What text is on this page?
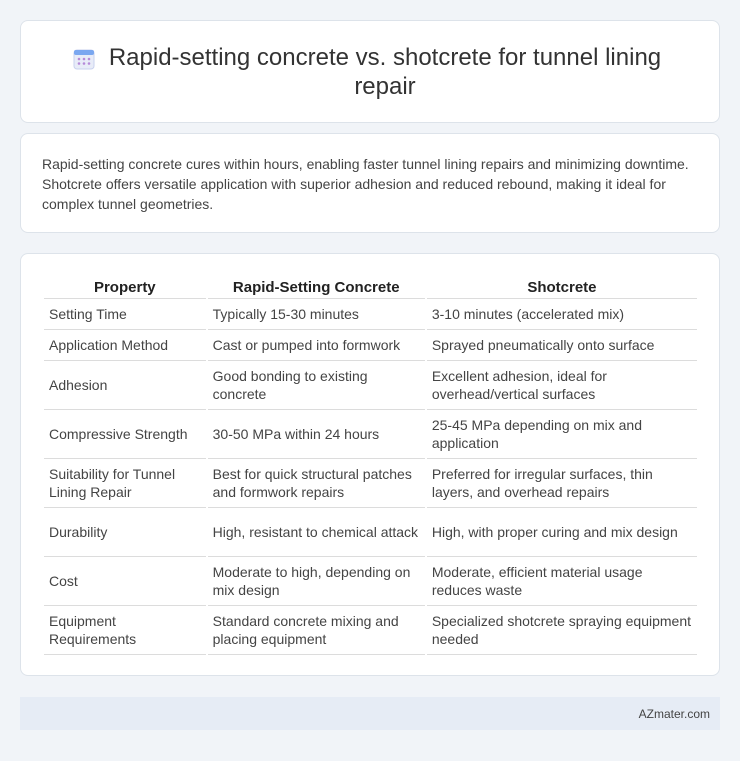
Rapid-setting concrete vs. shotcrete for tunnel lining repair

Rapid-setting concrete cures within hours, enabling faster tunnel lining repairs and minimizing downtime. Shotcrete offers versatile application with superior adhesion and reduced rebound, making it ideal for complex tunnel geometries.

Property	Rapid-Setting Concrete	Shotcrete
Setting Time	Typically 15-30 minutes	3-10 minutes (accelerated mix)
Application Method	Cast or pumped into formwork	Sprayed pneumatically onto surface
Adhesion	Good bonding to existing concrete	Excellent adhesion, ideal for overhead/vertical surfaces
Compressive Strength	30-50 MPa within 24 hours	25-45 MPa depending on mix and application
Suitability for Tunnel Lining Repair	Best for quick structural patches and formwork repairs	Preferred for irregular surfaces, thin layers, and overhead repairs
Durability	High, resistant to chemical attack	High, with proper curing and mix design
Cost	Moderate to high, depending on mix design	Moderate, efficient material usage reduces waste
Equipment Requirements	Standard concrete mixing and placing equipment	Specialized shotcrete spraying equipment needed
AZmater.com
